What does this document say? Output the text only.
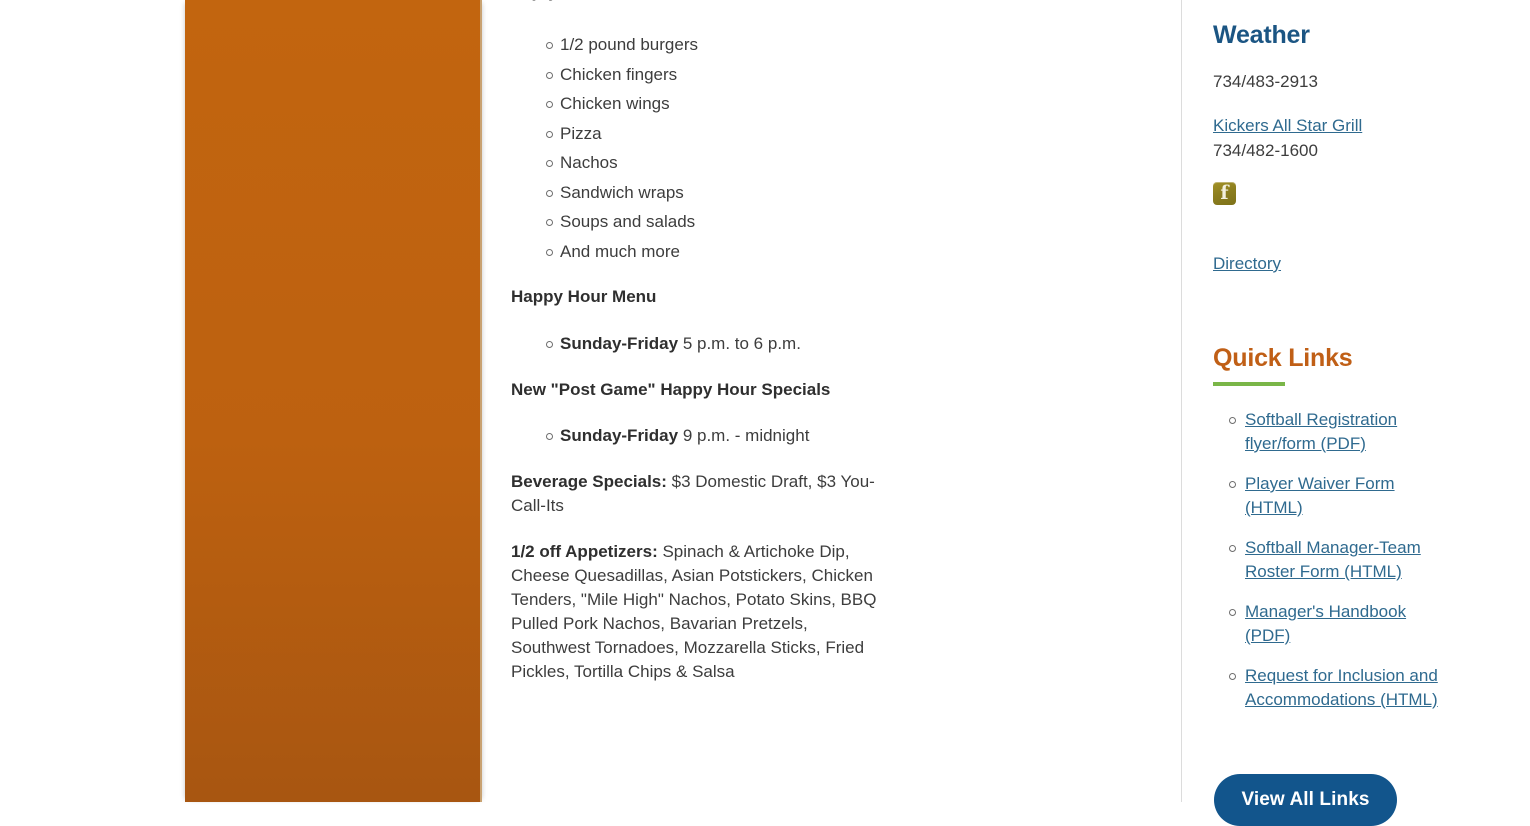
1/2 pound burgers
Chicken fingers
Chicken wings
Pizza
Nachos
Sandwich wraps
Soups and salads
And much more
Happy Hour Menu
Sunday-Friday 5 p.m. to 6 p.m.
New "Post Game" Happy Hour Specials
Sunday-Friday 9 p.m. - midnight
Beverage Specials: $3 Domestic Draft, $3 You-Call-Its
1/2 off Appetizers: Spinach & Artichoke Dip, Cheese Quesadillas, Asian Potstickers, Chicken Tenders, "Mile High" Nachos, Potato Skins, BBQ Pulled Pork Nachos, Bavarian Pretzels, Southwest Tornadoes, Mozzarella Sticks, Fried Pickles, Tortilla Chips & Salsa
Weather
734/483-2913
Kickers All Star Grill
734/482-1600
f
Directory
Quick Links
Softball Registration flyer/form (PDF)
Player Waiver Form (HTML)
Softball Manager-Team Roster Form (HTML)
Manager's Handbook (PDF)
Request for Inclusion and Accommodations (HTML)
View All Links
